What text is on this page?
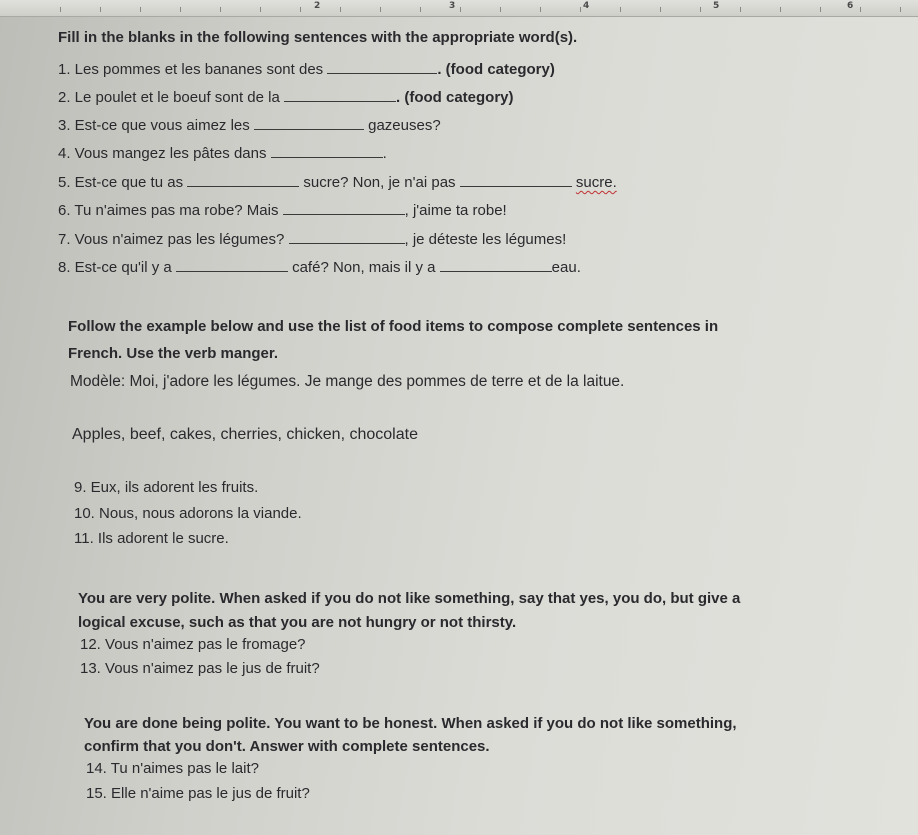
2	3	4	5	6
Fill in the blanks in the following sentences with the appropriate word(s).
1. Les pommes et les bananes sont des	. (food category)
2. Le poulet et le boeuf sont de la	. (food category)
3. Est-ce que vous aimez les	gazeuses?
4. Vous mangez les pâtes dans	.
5. Est-ce que tu as	sucre? Non, je n'ai pas	sucre.
6. Tu n'aimes pas ma robe? Mais	, j'aime ta robe!
7. Vous n'aimez pas les légumes?	, je déteste les légumes!
8. Est-ce qu'il y a	café? Non, mais il y a	eau.
Follow the example below and use the list of food items to compose complete sentences in
French. Use the verb manger.
Modèle: Moi, j'adore les légumes. Je mange des pommes de terre et de la laitue.
Apples, beef, cakes, cherries, chicken, chocolate
9. Eux, ils adorent les fruits.
10. Nous, nous adorons la viande.
11. Ils adorent le sucre.
You are very polite. When asked if you do not like something, say that yes, you do, but give a
logical excuse, such as that you are not hungry or not thirsty.
12. Vous n'aimez pas le fromage?
13. Vous n'aimez pas le jus de fruit?
You are done being polite. You want to be honest. When asked if you do not like something,
confirm that you don't. Answer with complete sentences.
14. Tu n'aimes pas le lait?
15. Elle n'aime pas le jus de fruit?
